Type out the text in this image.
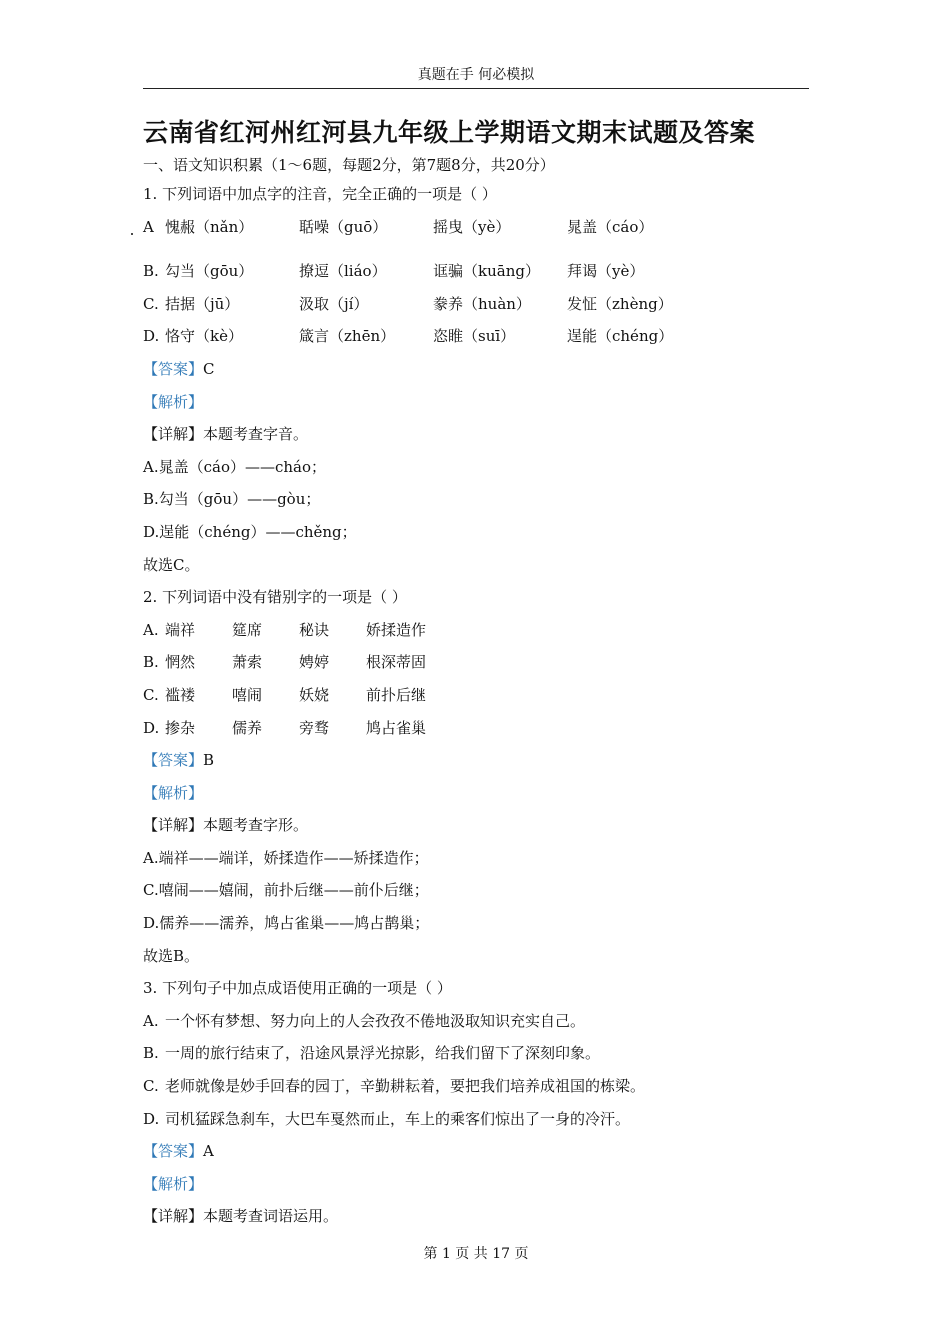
真题在手 何必模拟
云南省红河州红河县九年级上学期语文期末试题及答案
一、语文知识积累（1～6题，每题2分，第7题8分，共20分）
1. 下列词语中加点字的注音，完全正确的一项是（ ）
A 愧赧（nǎn）	聒噪（guō）	摇曳（yè）	晁盖（cáo）
B. 勾当（gōu）	撩逗（liáo）	诓骗（kuāng）	拜谒（yè）
C. 拮据（jū）	汲取（jí）	豢养（huàn）	发怔（zhèng）
D. 恪守（kè）	箴言（zhēn）	恣睢（suī）	逞能（chéng）
【答案】C
【解析】
【详解】本题考查字音。
A.晁盖（cáo）——cháo；
B.勾当（gōu）——gòu；
D.逞能（chéng）——chěng；
故选C。
2. 下列词语中没有错别字的一项是（ ）
A. 端祥	筵席	秘诀	娇揉造作
B. 惘然	萧索	娉婷	根深蒂固
C. 褴褛	嘻闹	妖娆	前扑后继
D. 掺杂	儒养	旁骛	鸠占雀巢
【答案】B
【解析】
【详解】本题考查字形。
A.端祥——端详，娇揉造作——矫揉造作；
C.嘻闹——嬉闹，前扑后继——前仆后继；
D.儒养——濡养，鸠占雀巢——鸠占鹊巢；
故选B。
3. 下列句子中加点成语使用正确的一项是（ ）
A. 一个怀有梦想、努力向上的人会孜孜不倦地汲取知识充实自己。
B. 一周的旅行结束了，沿途风景浮光掠影，给我们留下了深刻印象。
C. 老师就像是妙手回春的园丁，辛勤耕耘着，要把我们培养成祖国的栋梁。
D. 司机猛踩急刹车，大巴车戛然而止，车上的乘客们惊出了一身的冷汗。
【答案】A
【解析】
【详解】本题考查词语运用。
第 1 页 共 17 页
